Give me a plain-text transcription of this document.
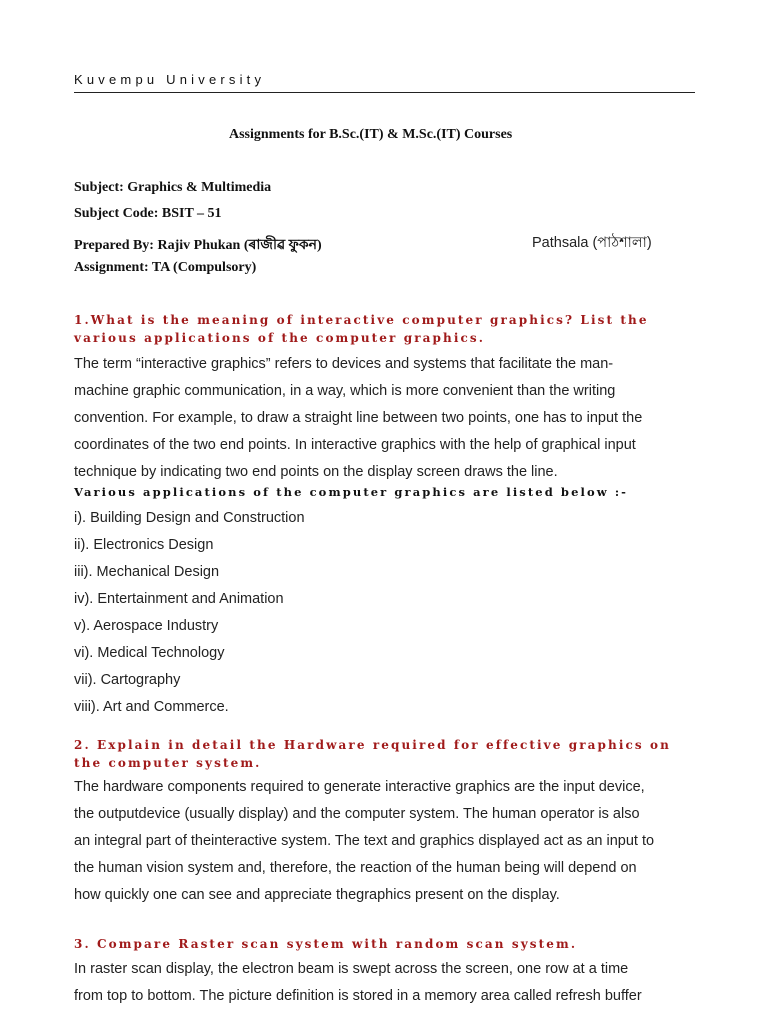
Kuvempu University
Assignments for B.Sc.(IT) & M.Sc.(IT) Courses
Subject: Graphics & Multimedia
Subject Code: BSIT – 51
Prepared By: Rajiv Phukan (ৰাজীৱ ফুকন)	Pathsala (পাঠশালা)
Assignment: TA (Compulsory)
1.What is the meaning of interactive computer graphics? List the various applications of the computer graphics.
The term “interactive graphics” refers to devices and systems that facilitate the man-
machine graphic communication, in a way, which is more convenient than the writing
convention. For example, to draw a straight line between two points, one has to input the
coordinates of the two end points. In interactive graphics with the help of graphical input
technique by indicating two end points on the display screen draws the line.
Various applications of the computer graphics are listed below :-
i). Building Design and Construction
ii). Electronics Design
iii). Mechanical Design
iv). Entertainment and Animation
v). Aerospace Industry
vi). Medical Technology
vii). Cartography
viii). Art and Commerce.
2. Explain in detail the Hardware required for effective graphics on the computer system.
The hardware components required to generate interactive graphics are the input device,
the outputdevice (usually display) and the computer system. The human operator is also
an integral part of theinteractive system. The text and graphics displayed act as an input to
the human vision system and, therefore, the reaction of the human being will depend on
how quickly one can see and appreciate thegraphics present on the display.
3. Compare Raster scan system with random scan system.
In raster scan display, the electron beam is swept across the screen, one row at a time
from top to bottom. The picture definition is stored in a memory area called refresh buffer
